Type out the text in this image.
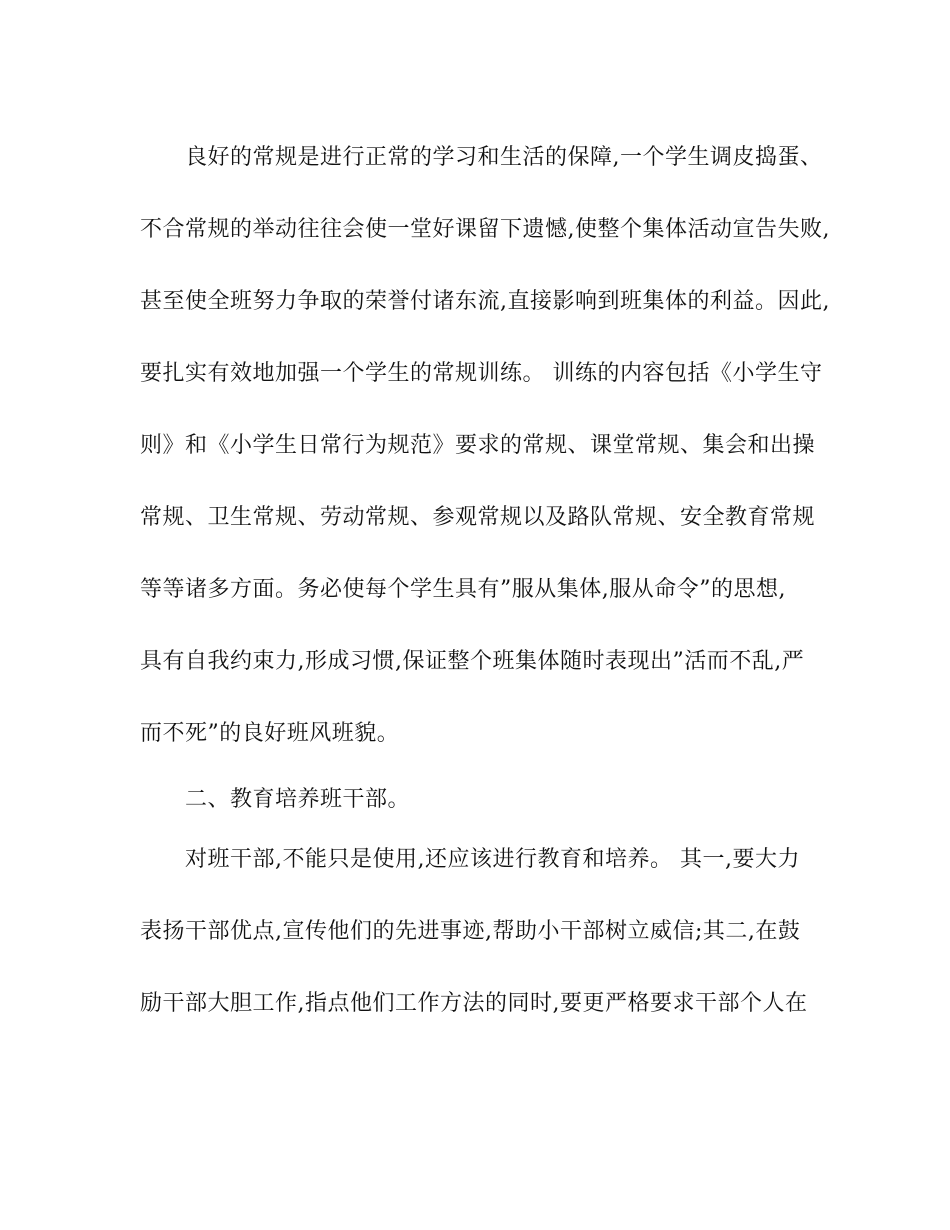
良好的常规是进行正常的学习和生活的保障,一个学生调皮捣蛋、
不合常规的举动往往会使一堂好课留下遗憾,使整个集体活动宣告失败,
甚至使全班努力争取的荣誉付诸东流,直接影响到班集体的利益。因此,
要扎实有效地加强一个学生的常规训练。 训练的内容包括《小学生守
则》和《小学生日常行为规范》要求的常规、课堂常规、集会和出操
常规、卫生常规、劳动常规、参观常规以及路队常规、安全教育常规
等等诸多方面。务必使每个学生具有”服从集体,服从命令”的思想,
具有自我约束力,形成习惯,保证整个班集体随时表现出”活而不乱,严
而不死”的良好班风班貌。
二、教育培养班干部。
对班干部,不能只是使用,还应该进行教育和培养。 其一,要大力
表扬干部优点,宣传他们的先进事迹,帮助小干部树立威信;其二,在鼓
励干部大胆工作,指点他们工作方法的同时,要更严格要求干部个人在
